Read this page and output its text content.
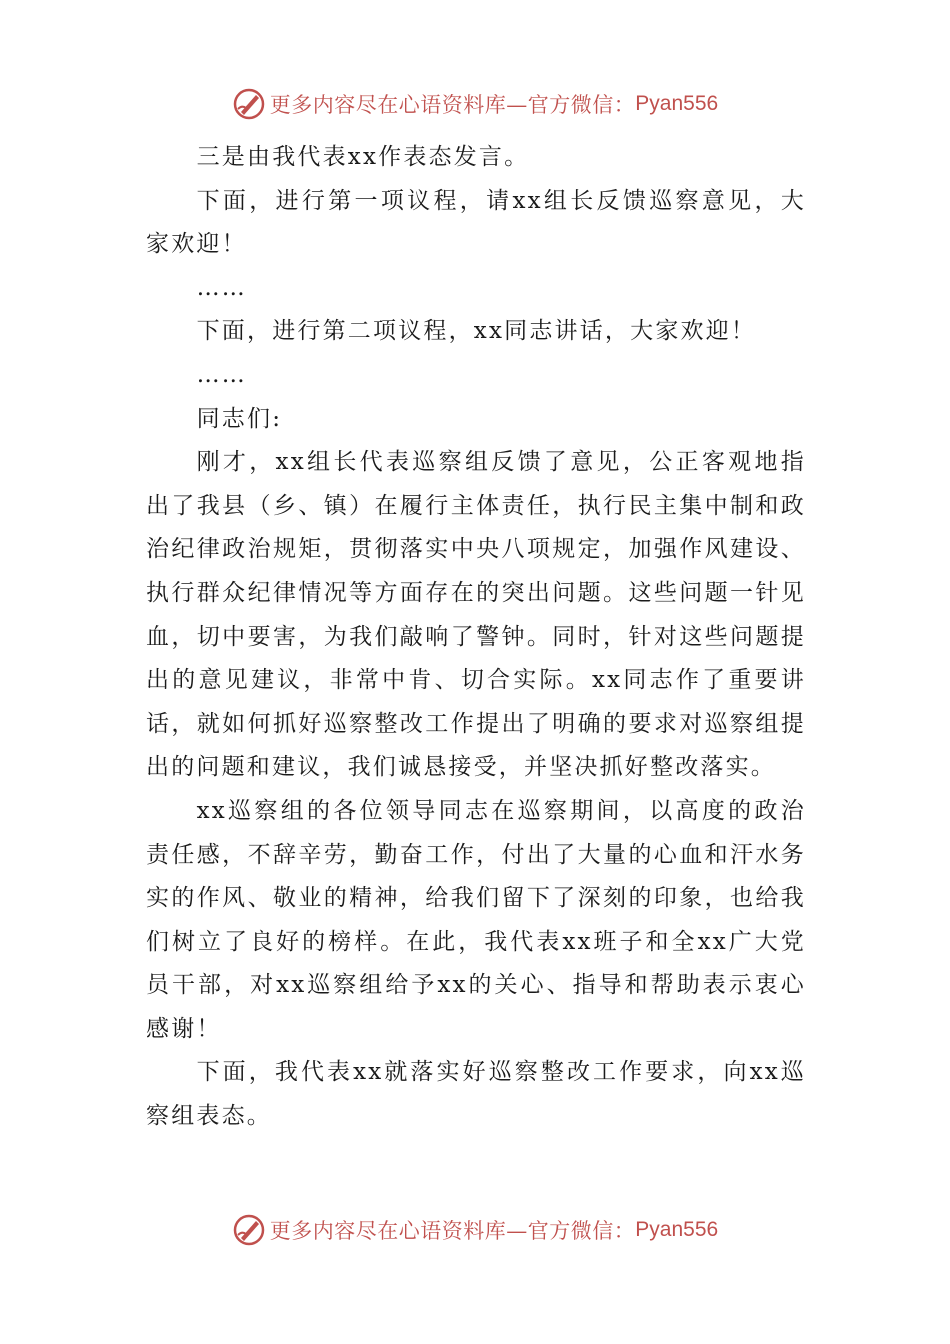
更多内容尽在心语资料库—官方微信： Pyan556

三是由我代表xx作表态发言。

下面，进行第一项议程，请xx组长反馈巡察意见，大家欢迎！

……

下面，进行第二项议程，xx同志讲话，大家欢迎！

……

同志们:

刚才，xx组长代表巡察组反馈了意见，公正客观地指出了我县（乡、镇）在履行主体责任，执行民主集中制和政治纪律政治规矩，贯彻落实中央八项规定，加强作风建设、执行群众纪律情况等方面存在的突出问题。这些问题一针见血，切中要害，为我们敲响了警钟。同时，针对这些问题提出的意见建议，非常中肯、切合实际。xx同志作了重要讲话，就如何抓好巡察整改工作提出了明确的要求对巡察组提出的问题和建议，我们诚恳接受，并坚决抓好整改落实。

xx巡察组的各位领导同志在巡察期间，以高度的政治责任感，不辞辛劳，勤奋工作，付出了大量的心血和汗水务实的作风、敬业的精神，给我们留下了深刻的印象，也给我们树立了良好的榜样。在此，我代表xx班子和全xx广大党员干部，对xx巡察组给予xx的关心、指导和帮助表示衷心感谢！

下面，我代表xx就落实好巡察整改工作要求，向xx巡察组表态。

更多内容尽在心语资料库—官方微信： Pyan556
